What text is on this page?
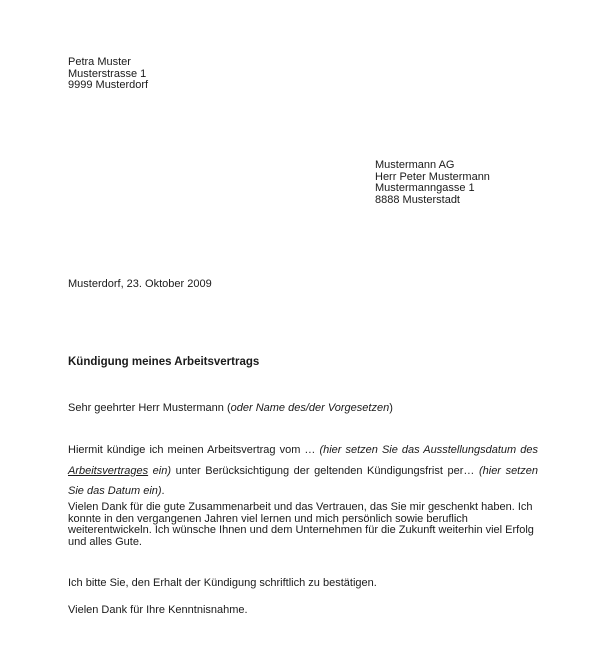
Petra Muster
Musterstrasse 1
9999 Musterdorf
Mustermann AG
Herr Peter Mustermann
Mustermanngasse 1
8888 Musterstadt
Musterdorf, 23. Oktober 2009
Kündigung meines Arbeitsvertrags
Sehr geehrter Herr Mustermann (oder Name des/der Vorgesetzen)
Hiermit kündige ich meinen Arbeitsvertrag vom … (hier setzen Sie das Ausstellungsdatum des Arbeitsvertrages ein) unter Berücksichtigung der geltenden Kündigungsfrist per… (hier setzen Sie das Datum ein).
Vielen Dank für die gute Zusammenarbeit und das Vertrauen, das Sie mir geschenkt haben. Ich konnte in den vergangenen Jahren viel lernen und mich persönlich sowie beruflich weiterentwickeln. Ich wünsche Ihnen und dem Unternehmen für die Zukunft weiterhin viel Erfolg und alles Gute.
Ich bitte Sie, den Erhalt der Kündigung schriftlich zu bestätigen.
Vielen Dank für Ihre Kenntnisnahme.
